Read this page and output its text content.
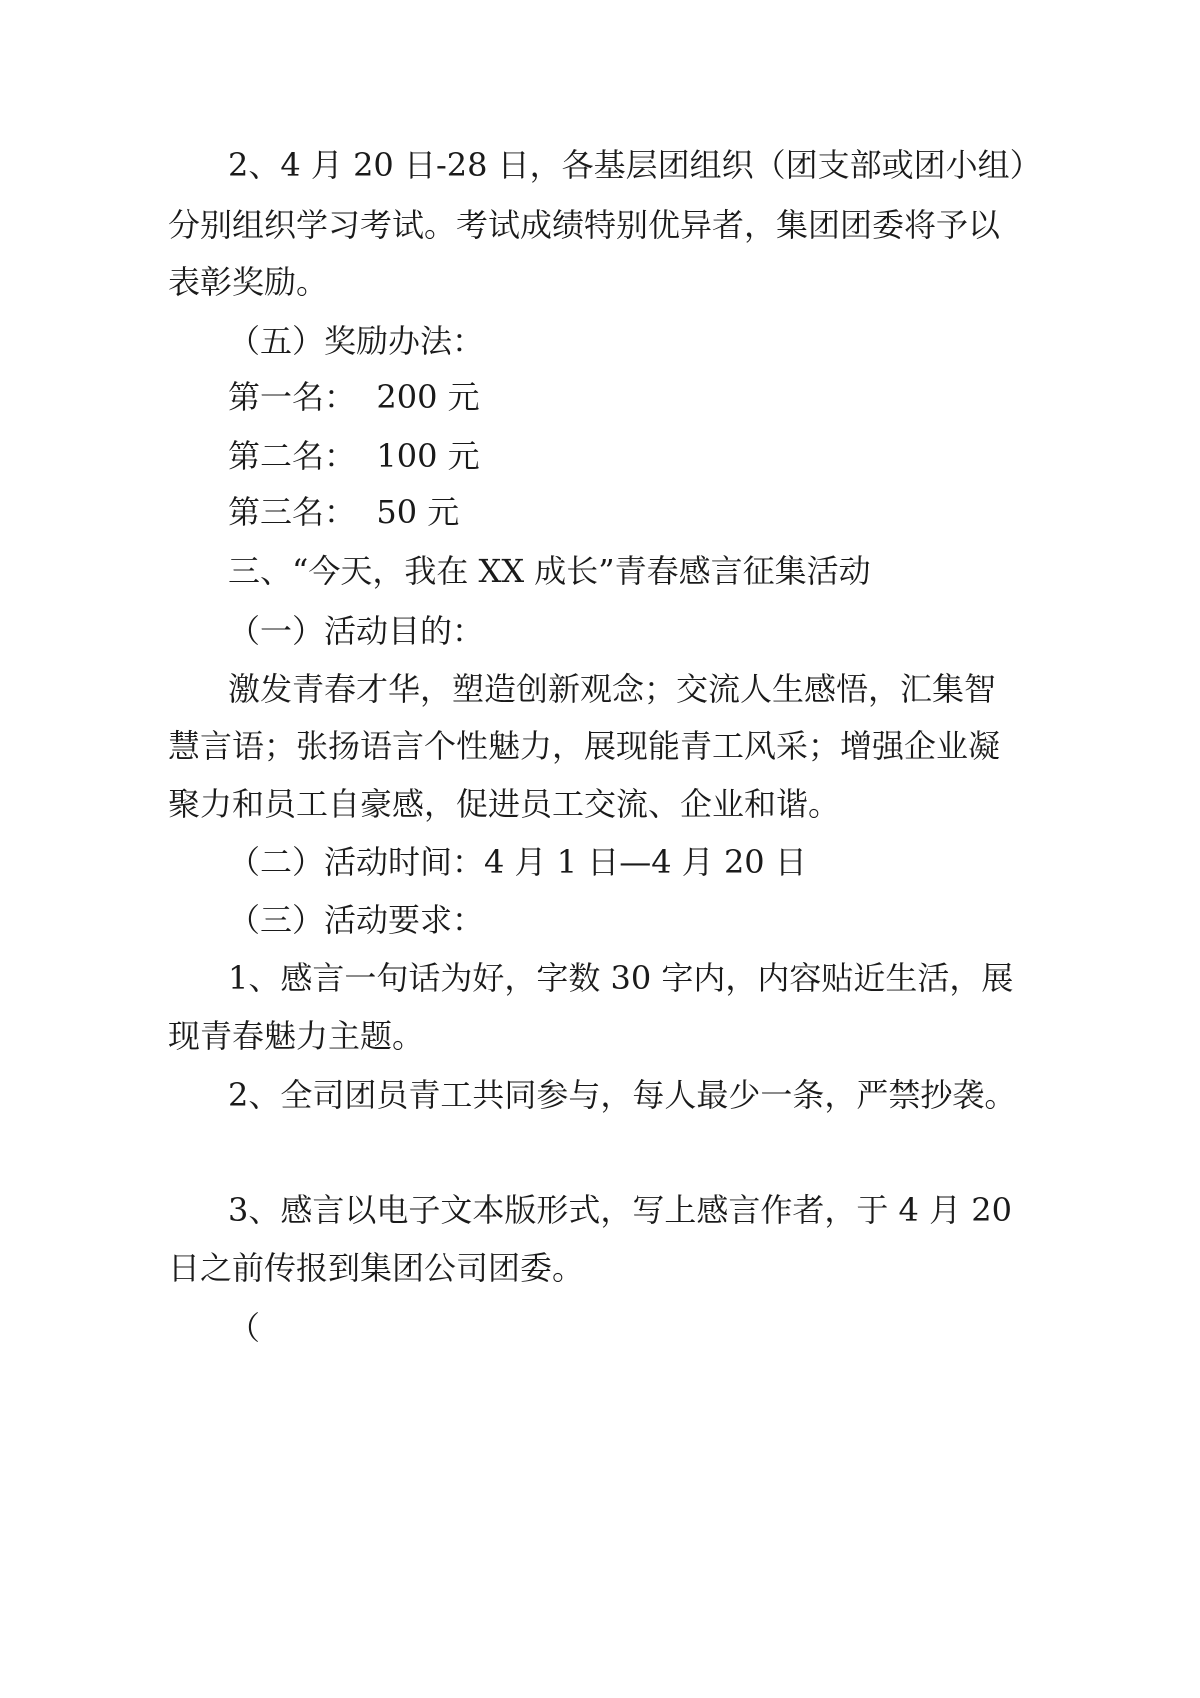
2、4 月 20 日-28 日，各基层团组织（团支部或团小组）
分别组织学习考试。考试成绩特别优异者，集团团委将予以
表彰奖励。
（五）奖励办法：
第一名：  200 元
第二名：  100 元
第三名：  50 元
三、“今天，我在 XX 成长”青春感言征集活动
（一）活动目的：
激发青春才华，塑造创新观念；交流人生感悟，汇集智
慧言语；张扬语言个性魅力，展现能青工风采；增强企业凝
聚力和员工自豪感，促进员工交流、企业和谐。
（二）活动时间：4 月 1 日—4 月 20 日
（三）活动要求：
1、感言一句话为好，字数 30 字内，内容贴近生活，展
现青春魅力主题。
2、全司团员青工共同参与，每人最少一条，严禁抄袭。
3、感言以电子文本版形式，写上感言作者，于 4 月 20
日之前传报到集团公司团委。
（
